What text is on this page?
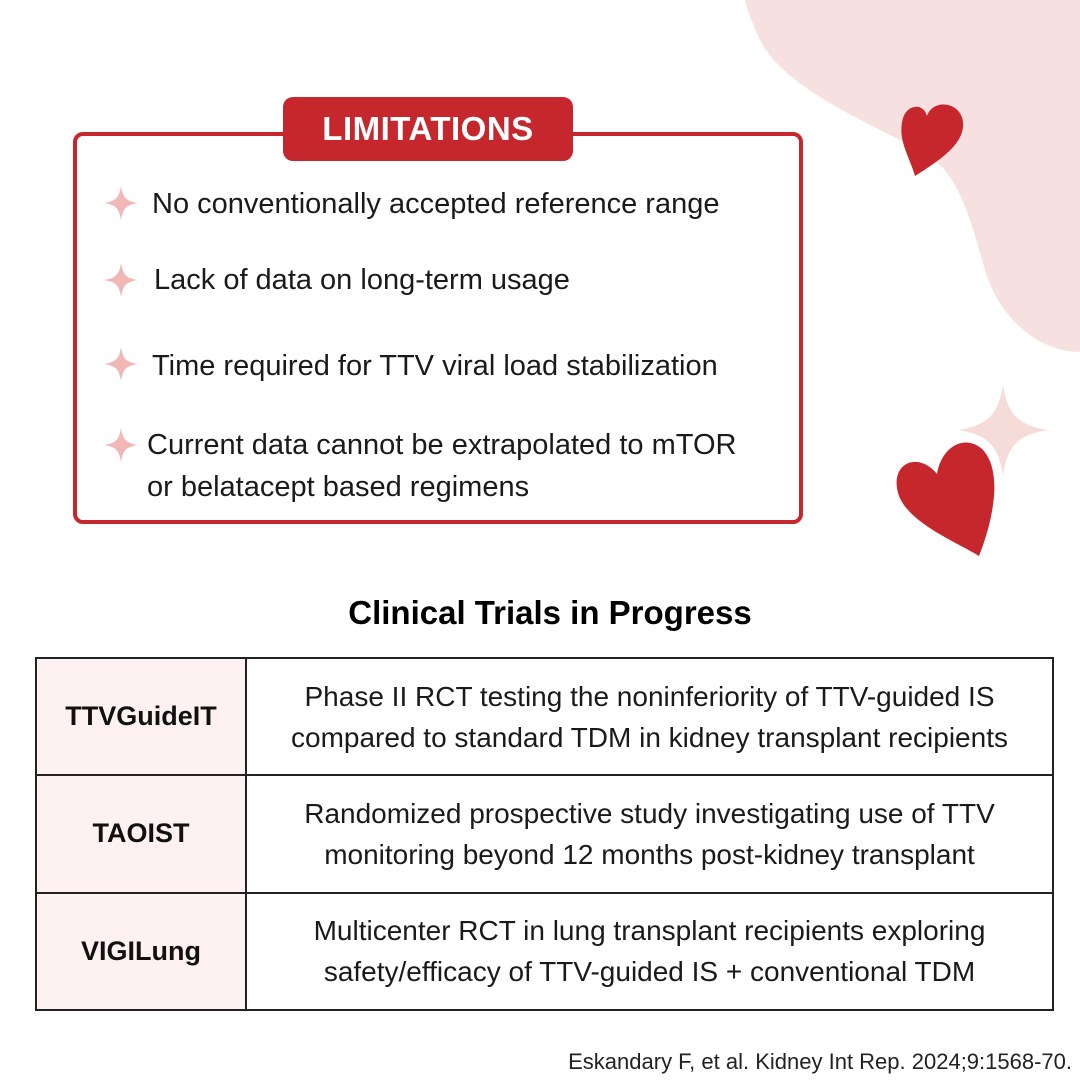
LIMITATIONS
No conventionally accepted reference range
Lack of data on long-term usage
Time required for TTV viral load stabilization
Current data cannot be extrapolated to mTOR
or belatacept based regimens
Clinical Trials in Progress
TTVGuideIT	Phase II RCT testing the noninferiority of TTV-guided IS
compared to standard TDM in kidney transplant recipients

TAOIST	Randomized prospective study investigating use of TTV
monitoring beyond 12 months post-kidney transplant

VIGILung	Multicenter RCT in lung transplant recipients exploring
safety/efficacy of TTV-guided IS + conventional TDM
Eskandary F, et al. Kidney Int Rep. 2024;9:1568-70.
